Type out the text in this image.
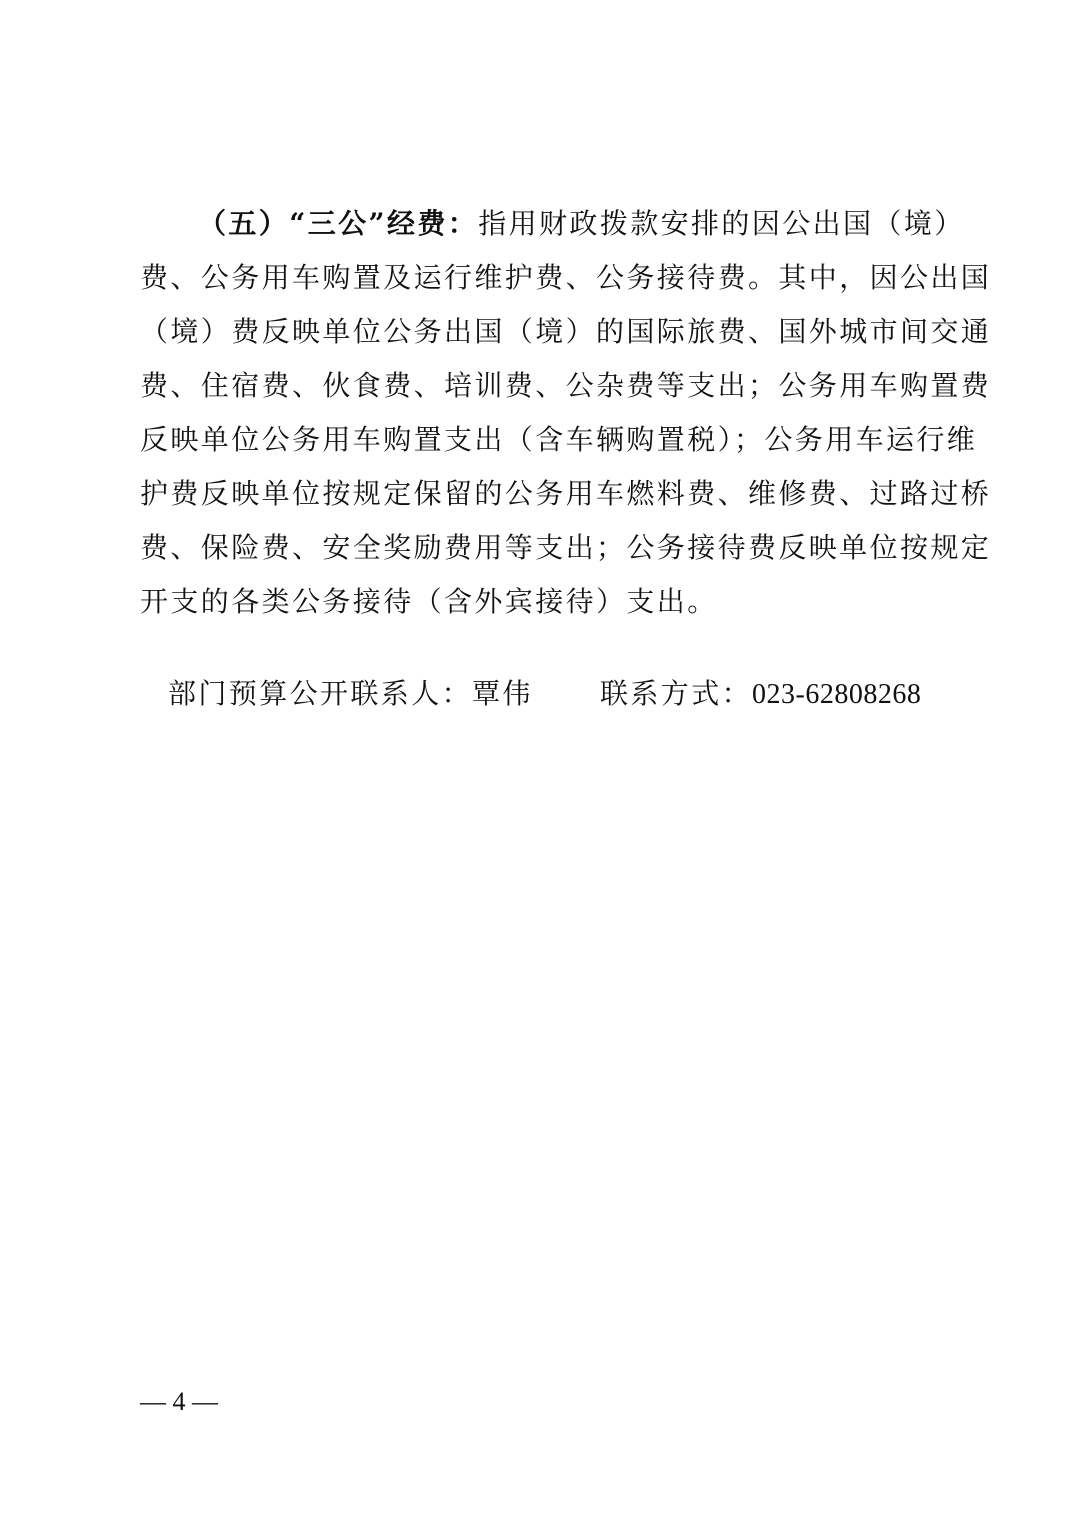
（五）“三公”经费：指用财政拨款安排的因公出国（境）
费、公务用车购置及运行维护费、公务接待费。其中，因公出国
（境）费反映单位公务出国（境）的国际旅费、国外城市间交通
费、住宿费、伙食费、培训费、公杂费等支出；公务用车购置费
反映单位公务用车购置支出（含车辆购置税）；公务用车运行维
护费反映单位按规定保留的公务用车燃料费、维修费、过路过桥
费、保险费、安全奖励费用等支出；公务接待费反映单位按规定
开支的各类公务接待（含外宾接待）支出。
部门预算公开联系人：覃伟 联系方式：023-62808268
— 4 —
